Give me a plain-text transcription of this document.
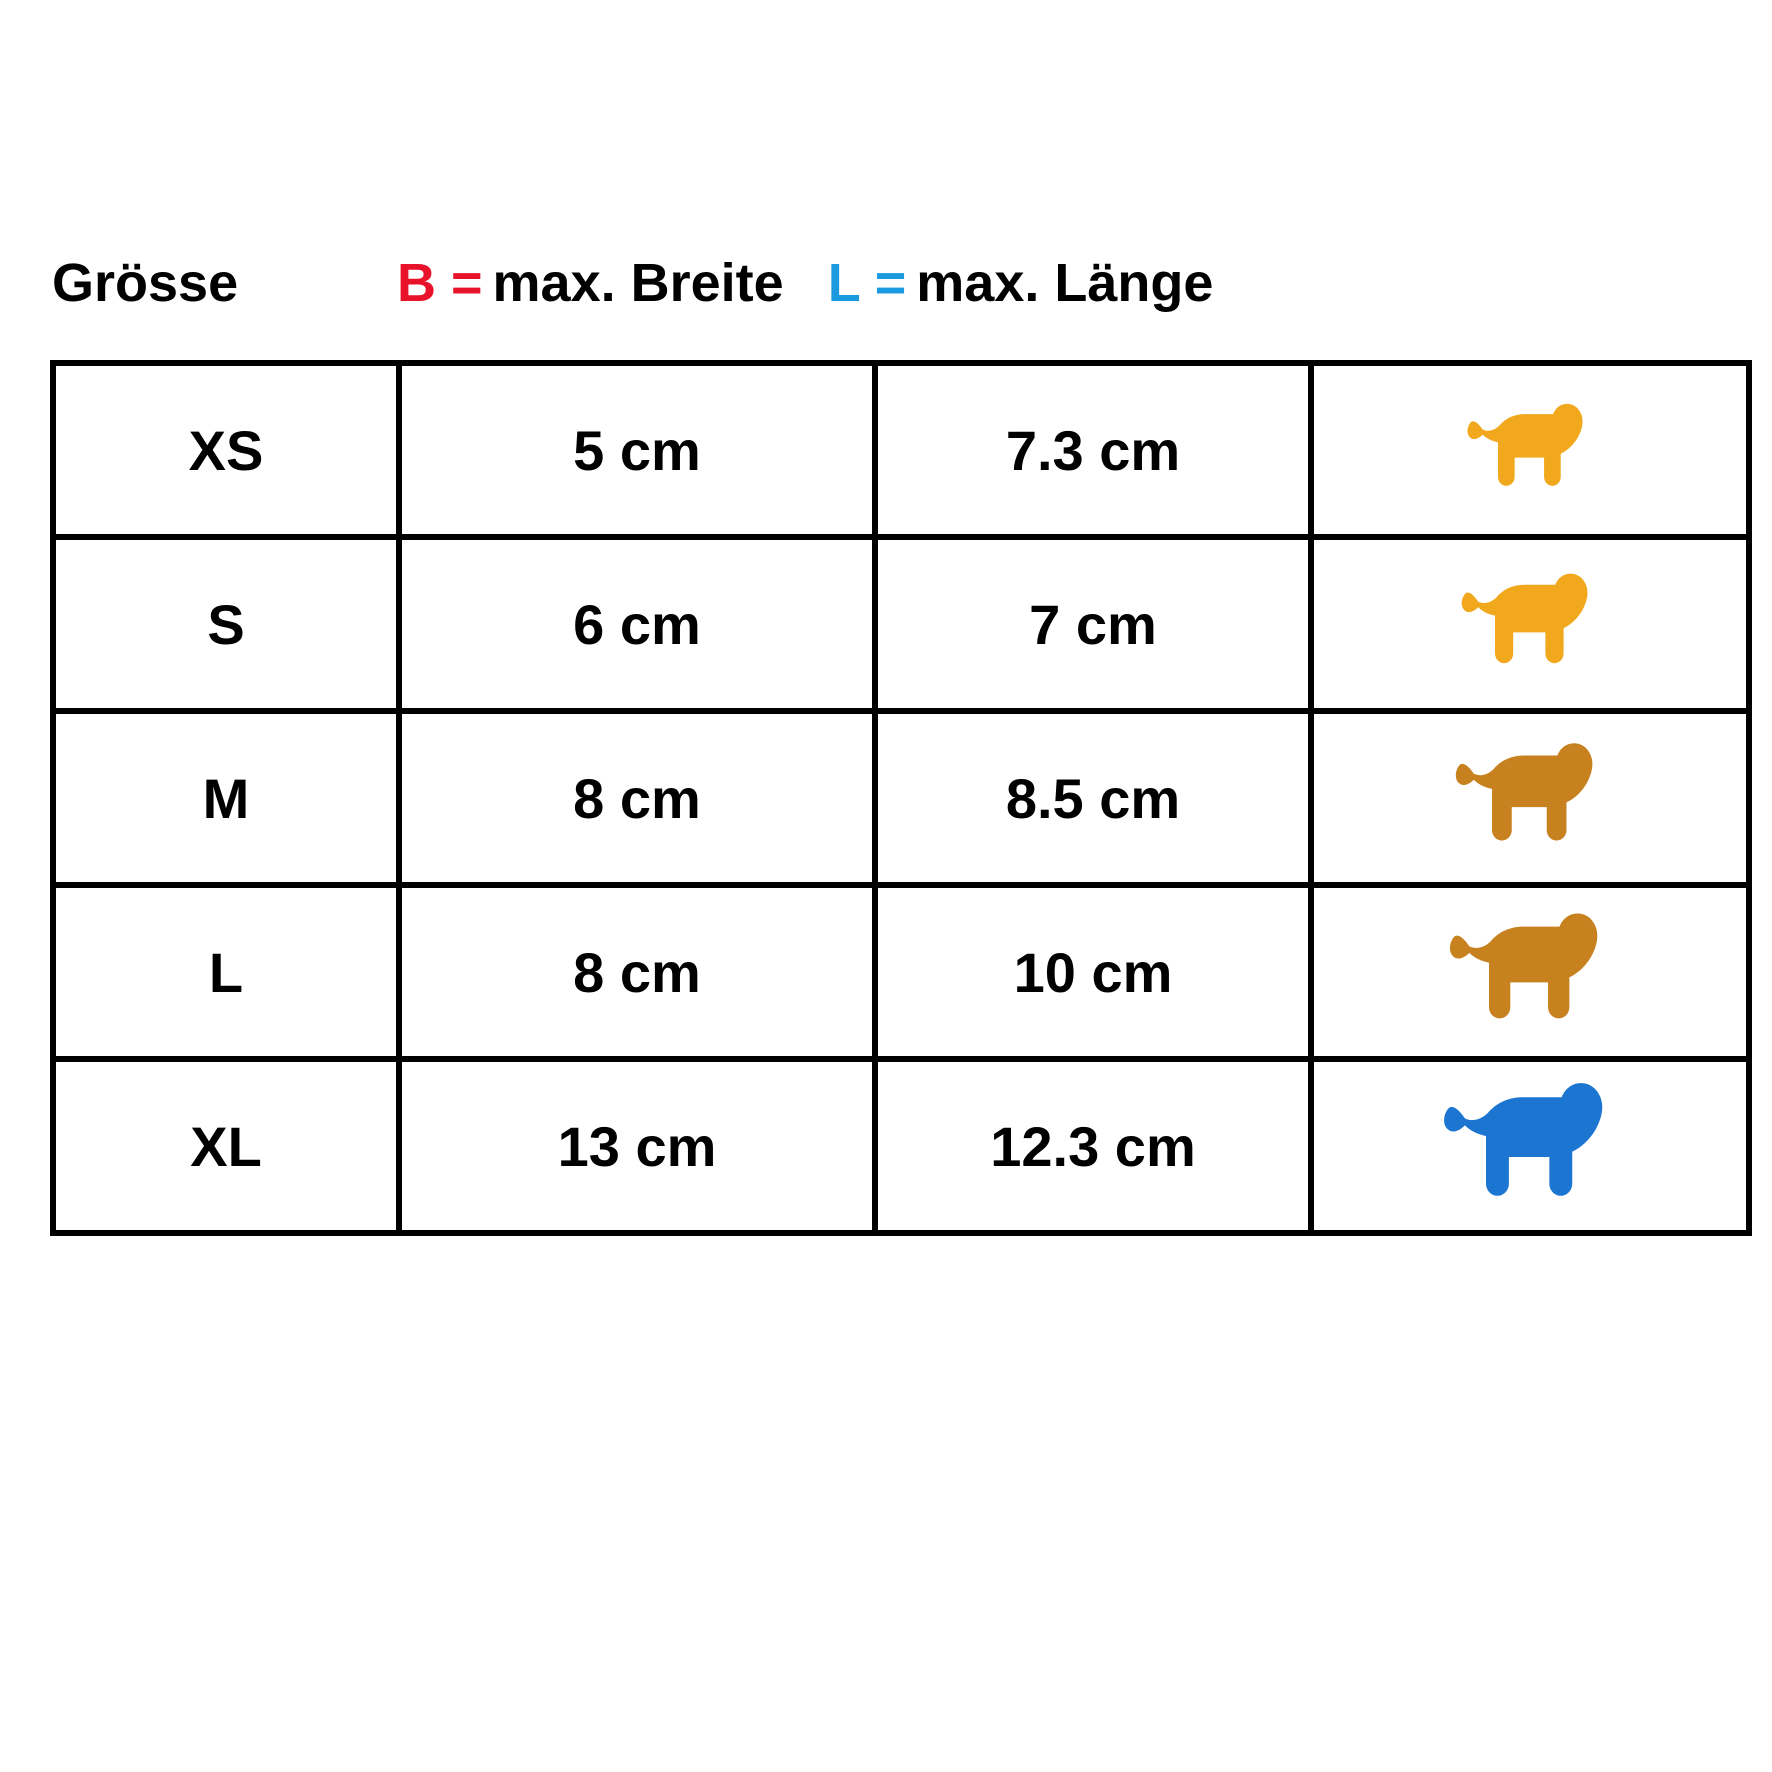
Grösse	B = max. Breite L = max. Länge
XS	5 cm	7.3 cm	

S	6 cm	7 cm	

M	8 cm	8.5 cm	

L	8 cm	10 cm	

XL	13 cm	12.3 cm	
